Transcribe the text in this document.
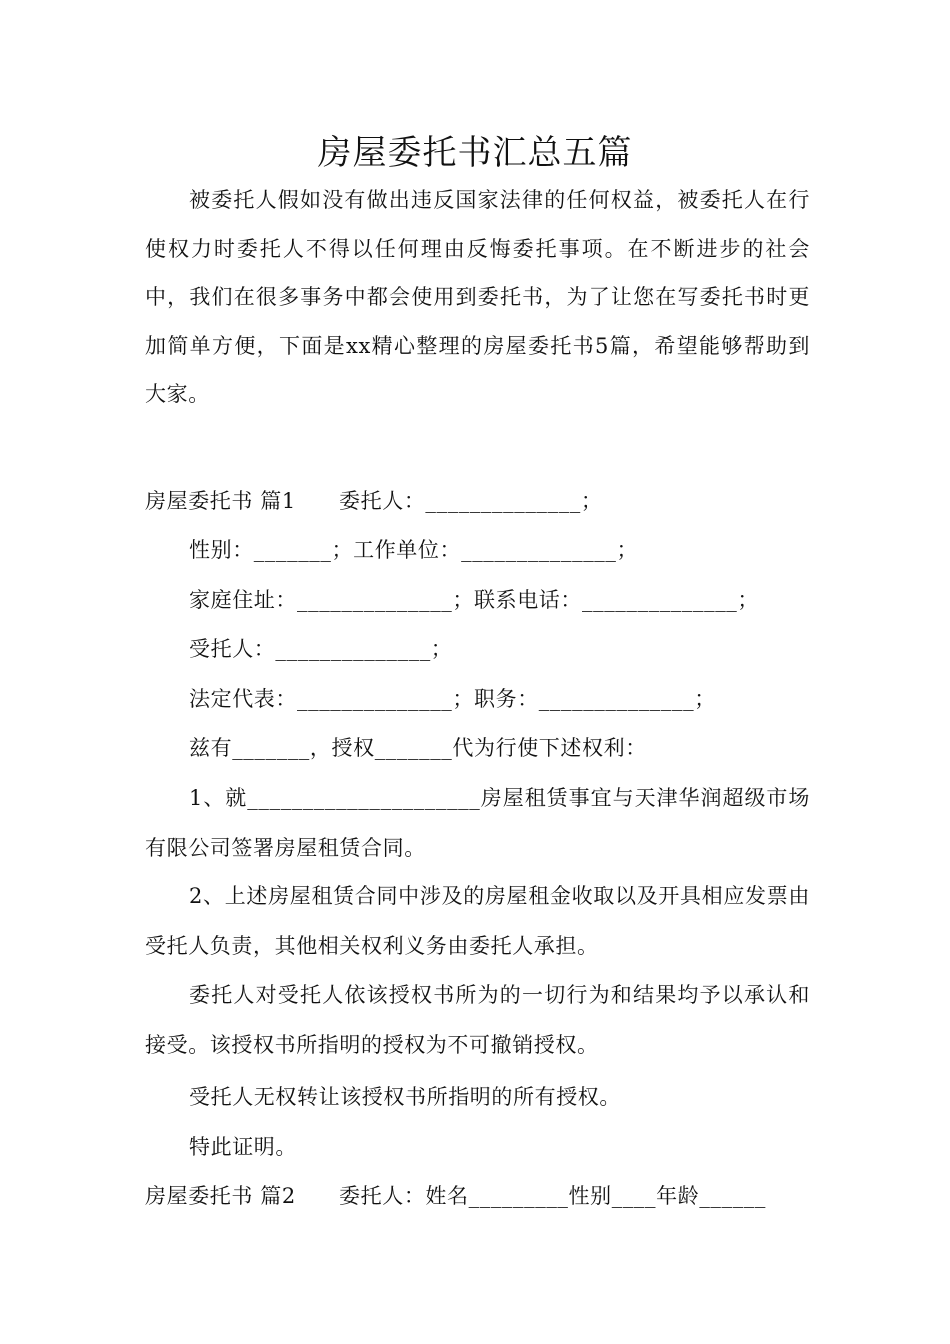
房屋委托书汇总五篇

被委托人假如没有做出违反国家法律的任何权益，被委托人在行使权力时委托人不得以任何理由反悔委托事项。在不断进步的社会中，我们在很多事务中都会使用到委托书，为了让您在写委托书时更加简单方便，下面是xx精心整理的房屋委托书5篇，希望能够帮助到大家。

房屋委托书 篇1　　委托人：______________；

性别：_______；工作单位：______________；

家庭住址：______________；联系电话：______________；

受托人：______________；

法定代表：______________；职务：______________；

兹有_______，授权_______代为行使下述权利：

1、就_____________________房屋租赁事宜与天津华润超级市场有限公司签署房屋租赁合同。

2、上述房屋租赁合同中涉及的房屋租金收取以及开具相应发票由受托人负责，其他相关权利义务由委托人承担。

委托人对受托人依该授权书所为的一切行为和结果均予以承认和接受。该授权书所指明的授权为不可撤销授权。

受托人无权转让该授权书所指明的所有授权。

特此证明。

房屋委托书 篇2　　委托人：姓名_________性别____年龄______
